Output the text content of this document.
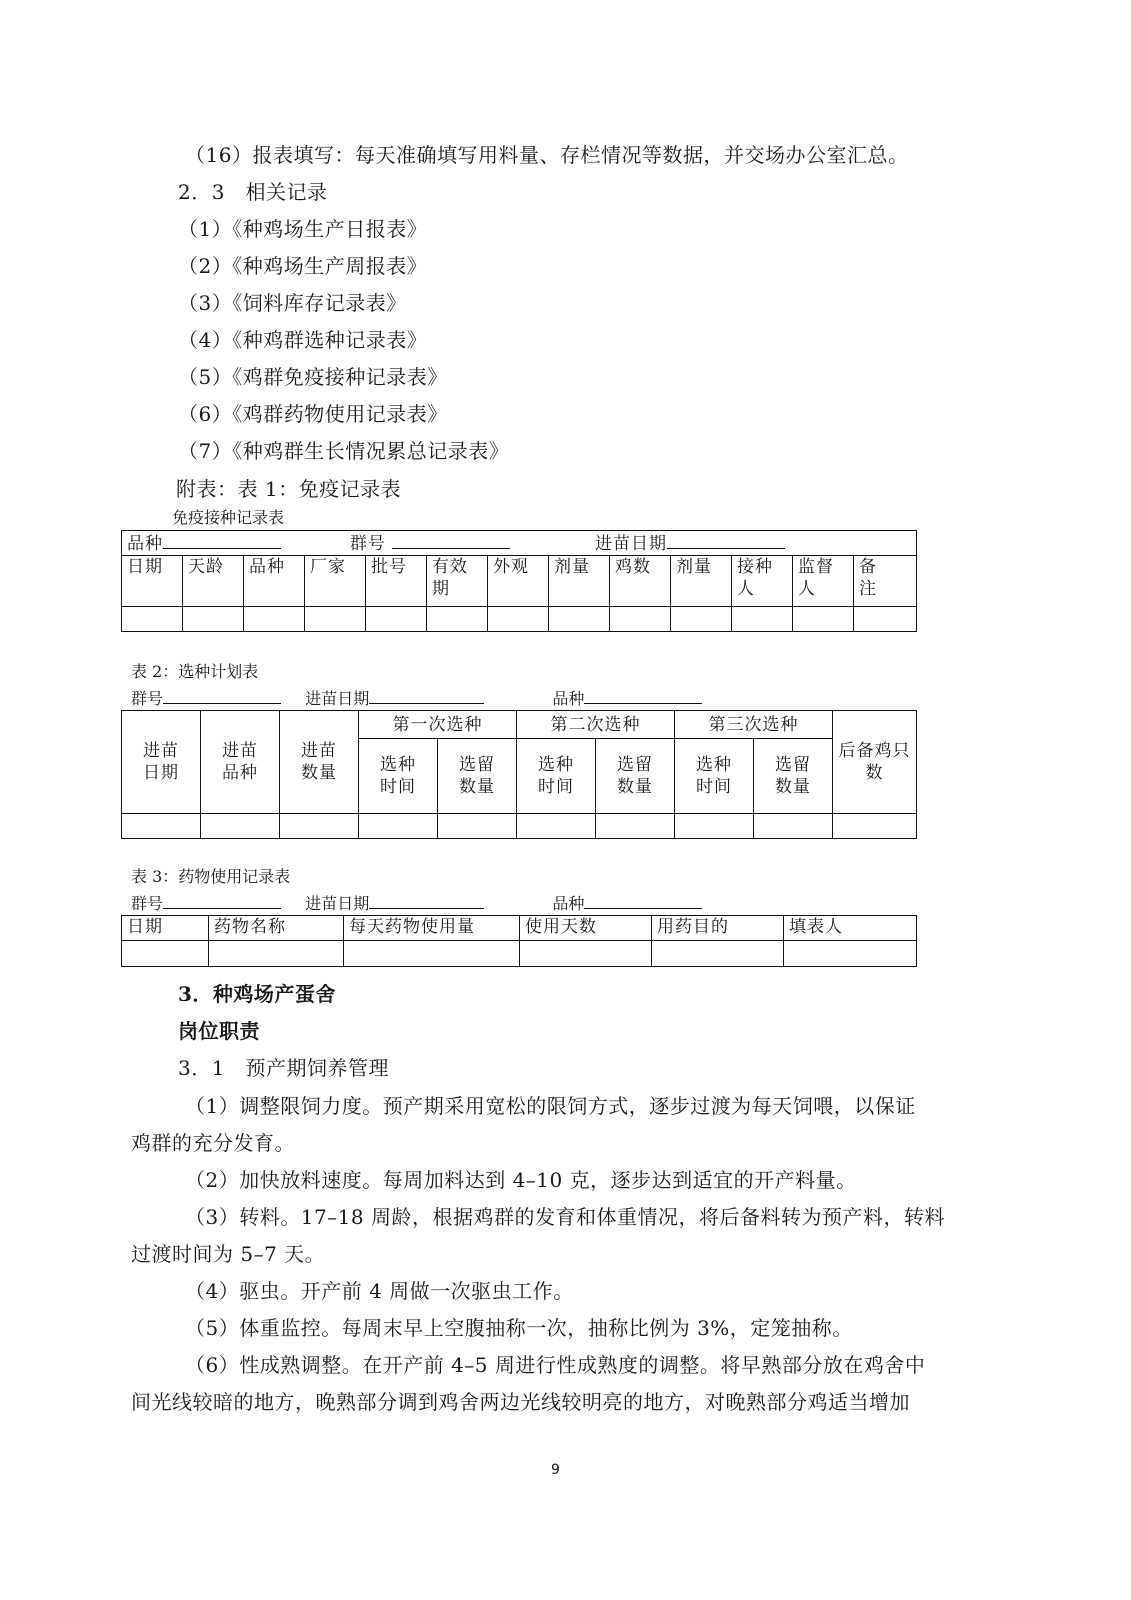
（16）报表填写：每天准确填写用料量、存栏情况等数据，并交场办公室汇总。
2．3　相关记录
（1）《种鸡场生产日报表》
（2）《种鸡场生产周报表》
（3）《饲料库存记录表》
（4）《种鸡群选种记录表》
（5）《鸡群免疫接种记录表》
（6）《鸡群药物使用记录表》
（7）《种鸡群生长情况累总记录表》
附表：表 1：免疫记录表
免疫接种记录表
品种 群号 进苗日期												
日期	天龄	品种	厂家	批号	有效期	外观	剂量	鸡数	剂量	接种人	监督人	备注

表 2：选种计划表
群号	进苗日期	品种
进苗日期	进苗品种	进苗数量	第一次选种		第二次选种		第三次选种		后备鸡只数
			选种时间	选留数量	选种时间	选留数量	选种时间	选留数量	

表 3：药物使用记录表
群号	进苗日期	品种
日期	药物名称	每天药物使用量	使用天数	用药目的	填表人

3．种鸡场产蛋舍
岗位职责
3．1　预产期饲养管理
（1）调整限饲力度。预产期采用宽松的限饲方式，逐步过渡为每天饲喂，以保证
鸡群的充分发育。
（2）加快放料速度。每周加料达到 4–10 克，逐步达到适宜的开产料量。
（3）转料。17–18 周龄，根据鸡群的发育和体重情况，将后备料转为预产料，转料
过渡时间为 5–7 天。
（4）驱虫。开产前 4 周做一次驱虫工作。
（5）体重监控。每周末早上空腹抽称一次，抽称比例为 3%，定笼抽称。
（6）性成熟调整。在开产前 4–5 周进行性成熟度的调整。将早熟部分放在鸡舍中
间光线较暗的地方，晚熟部分调到鸡舍两边光线较明亮的地方，对晚熟部分鸡适当增加
9
